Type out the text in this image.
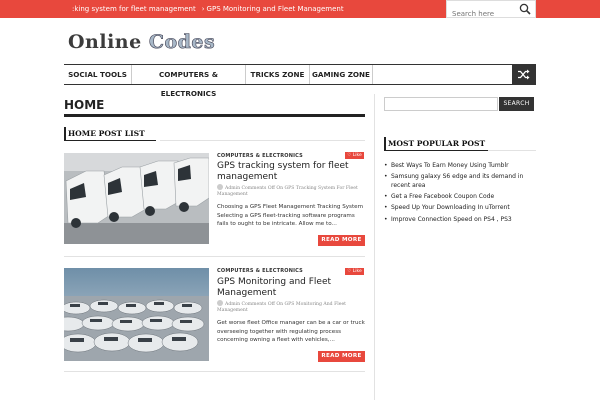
:king system for fleet management › GPS Monitoring and Fleet Management
Search here
Online Codes
SOCIAL TOOLS	COMPUTERS & ELECTRONICS
TRICKS ZONE	GAMING ZONE
HOME
HOME POST LIST
COMPUTERS & ELECTRONICS	♡ Like
GPS tracking system for fleet management
Admin Comments Off On GPS Tracking System For Fleet Management
Choosing a GPS Fleet Management Tracking System Selecting a GPS fleet-tracking software programs fails to ought to be intricate. Allow me to...
READ MORE
COMPUTERS & ELECTRONICS	♡ Like
GPS Monitoring and Fleet Management
Admin Comments Off On GPS Monitoring And Fleet Management
Get worse fleet Office manager can be a car or truck overseeing together with regulating process concerning owning a fleet with vehicles,...
READ MORE
SEARCH
MOST POPULAR POST
• Best Ways To Earn Money Using Tumblr
• Samsung galaxy S6 edge and its demand in recent area
• Get a Free Facebook Coupon Code
• Speed Up Your Downloading In uTorrent
• Improve Connection Speed on PS4 , PS3
